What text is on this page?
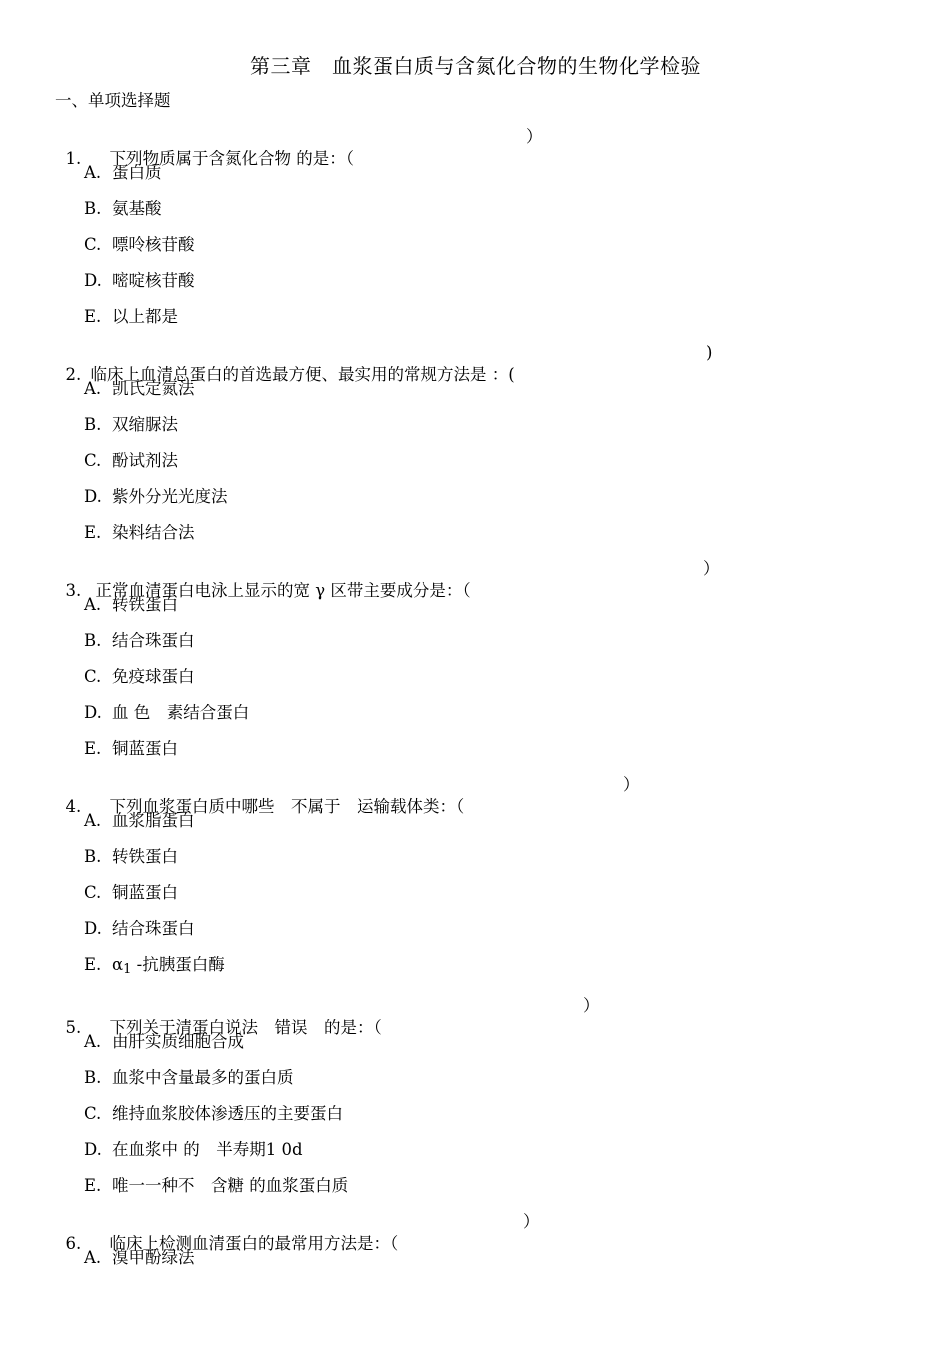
第三章　血浆蛋白质与含氮化合物的生物化学检验
一、单项选择题

1. 下列物质属于含氮化合物 的是：（

）
A. 蛋白质
B. 氨基酸
C. 嘌呤核苷酸
D. 嘧啶核苷酸
E. 以上都是

2. 临床上血清总蛋白的首选最方便、最实用的常规方法是 ：(

)
A. 凯氏定氮法
B. 双缩脲法
C. 酚试剂法
D. 紫外分光光度法
E. 染料结合法

3. 正常血清蛋白电泳上显示的宽 γ 区带主要成分是：（

）
A. 转铁蛋白
B. 结合珠蛋白
C. 免疫球蛋白
D. 血 色　素结合蛋白
E. 铜蓝蛋白

4. 下列血浆蛋白质中哪些　不属于　运输载体类：（

）
A. 血浆脂蛋白
B. 转铁蛋白
C. 铜蓝蛋白
D. 结合珠蛋白
E. $\alpha_1$ -抗胰蛋白酶

5. 下列关于清蛋白说法　错误　的是：（

）
A. 由肝实质细胞合成
B. 血浆中含量最多的蛋白质
C. 维持血浆胶体渗透压的主要蛋白
D. 在血浆中 的　半寿期1 0d
E. 唯一一种不　含糖 的血浆蛋白质

6. 临床上检测血清蛋白的最常用方法是：（

）
A. 溴甲酚绿法
